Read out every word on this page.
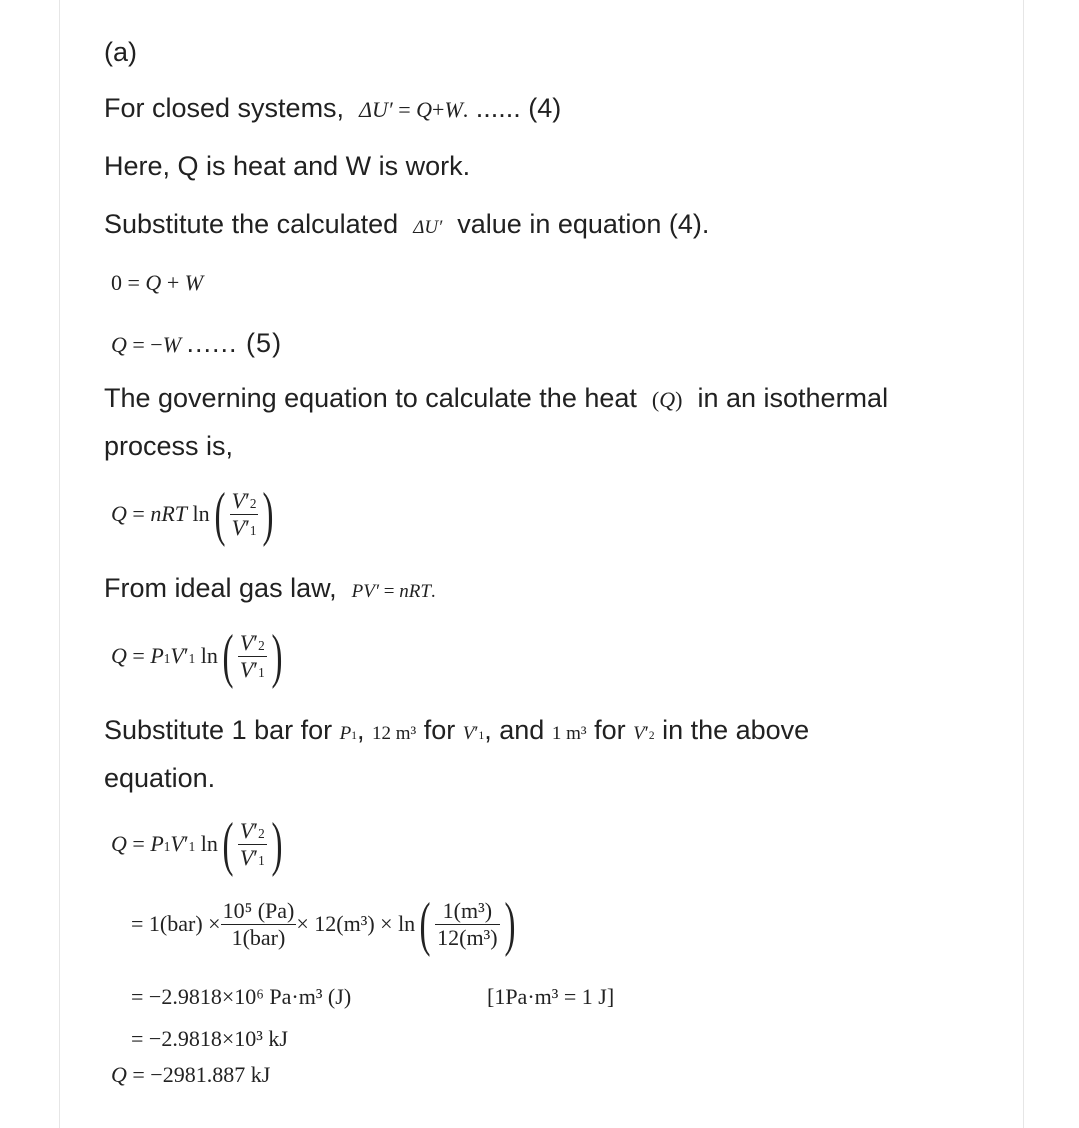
(a)
For closed systems, ΔU′ = Q+W. ...... (4)
Here, Q is heat and W is work.
Substitute the calculated ΔU′ value in equation (4).
0 = Q + W
Q = −W ...... (5)
The governing equation to calculate the heat (Q) in an isothermal
process is,
Q = nRT $\ln( \frac{V'_2}{V'_1}$ )
From ideal gas law, PV′ = nRT.
$Q = P_1V'_1$ $\ln( \frac{V'_2}{V'_1}$ )
Substitute 1 bar for $P_1$, 12 m³ for $V'_1$, and 1 m³ for $V'_2$ in the above
equation.
$Q = P_1V'_1$ $\ln( \frac{V'_2}{V'_1}$ )
= $1(bar) \times \frac{\text{10⁵ (Pa)}}{\text{1(bar)}} \times 12(m^3) \times \ln( \frac{\text{1(m³)}}{\text{12(m³)}}$ )
= −2.9818×10⁶ Pa·m³ (J)	[1Pa·m³ = 1 J]
= −2.9818×10³ kJ
Q = −2981.887 kJ
